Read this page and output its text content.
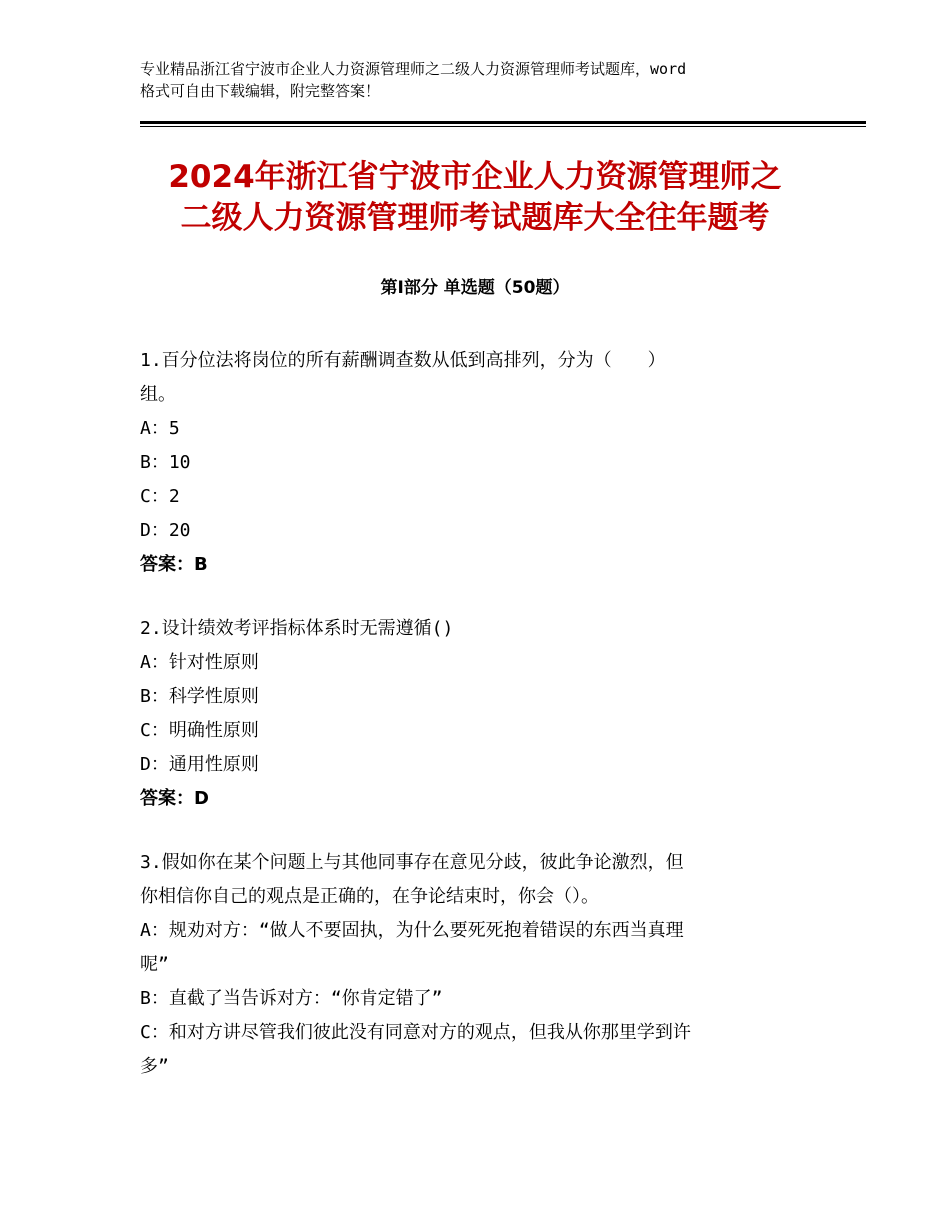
专业精品浙江省宁波市企业人力资源管理师之二级人力资源管理师考试题库，word
格式可自由下载编辑，附完整答案！
2024年浙江省宁波市企业人力资源管理师之
二级人力资源管理师考试题库大全往年题考
第Ⅰ部分 单选题（50题）
1.百分位法将岗位的所有薪酬调查数从低到高排列，分为（　　）
组。
A：5
B：10
C：2
D：20
答案：B
2.设计绩效考评指标体系时无需遵循()
A：针对性原则
B：科学性原则
C：明确性原则
D：通用性原则
答案：D
3.假如你在某个问题上与其他同事存在意见分歧，彼此争论激烈，但
你相信你自己的观点是正确的，在争论结束时，你会（）。
A：规劝对方：“做人不要固执，为什么要死死抱着错误的东西当真理
呢”
B：直截了当告诉对方：“你肯定错了”
C：和对方讲尽管我们彼此没有同意对方的观点，但我从你那里学到许
多”
